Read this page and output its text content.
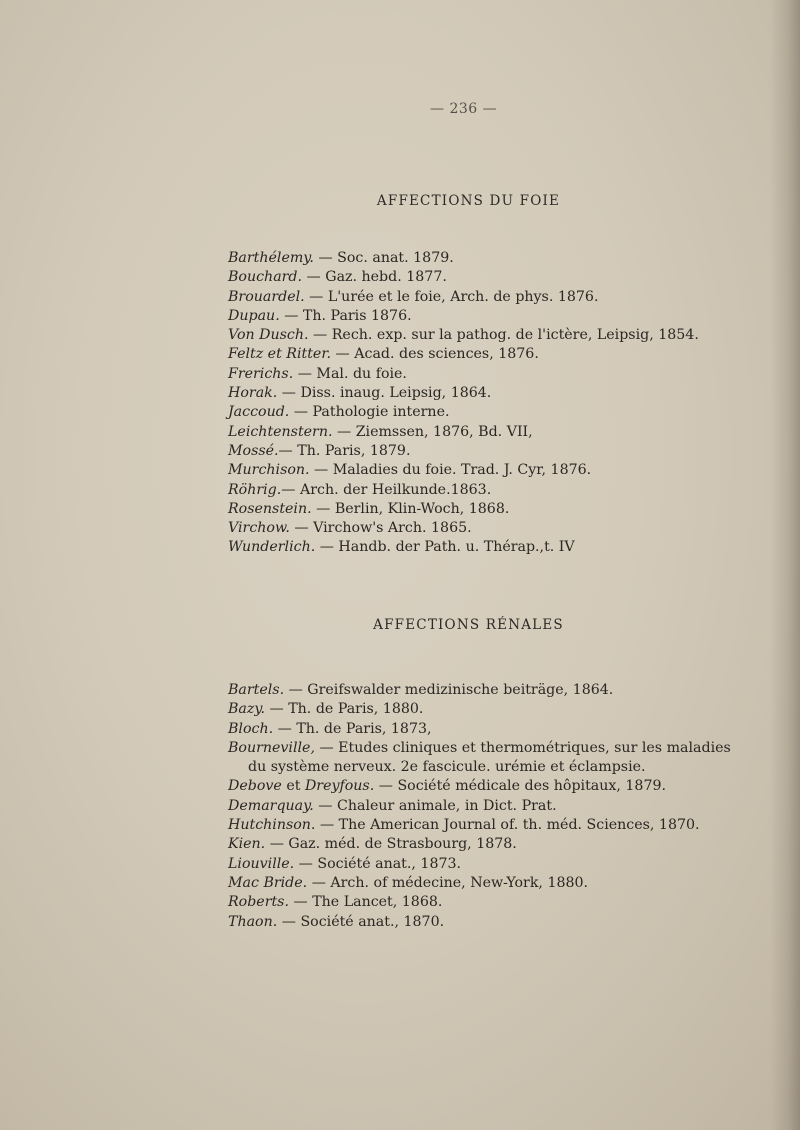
— 236 —
AFFECTIONS DU FOIE
Barthélemy. — Soc. anat. 1879.
Bouchard. — Gaz. hebd. 1877.
Brouardel. — L'urée et le foie, Arch. de phys. 1876.
Dupau. — Th. Paris 1876.
Von Dusch. — Rech. exp. sur la pathog. de l'ictère, Leipsig, 1854.
Feltz et Ritter. — Acad. des sciences, 1876.
Frerichs. — Mal. du foie.
Horak. — Diss. inaug. Leipsig, 1864.
Jaccoud. — Pathologie interne.
Leichtenstern. — Ziemssen, 1876, Bd. VII,
Mossé.— Th. Paris, 1879.
Murchison. — Maladies du foie. Trad. J. Cyr, 1876.
Röhrig.— Arch. der Heilkunde.1863.
Rosenstein. — Berlin, Klin-Woch, 1868.
Virchow. — Virchow's Arch. 1865.
Wunderlich. — Handb. der Path. u. Thérap.,t. IV
AFFECTIONS RÉNALES
Bartels. — Greifswalder medizinische beiträge, 1864.
Bazy. — Th. de Paris, 1880.
Bloch. — Th. de Paris, 1873,
Bourneville, — Etudes cliniques et thermométriques, sur les maladies
du système nerveux. 2e fascicule. urémie et éclampsie.
Debove et Dreyfous. — Société médicale des hôpitaux, 1879.
Demarquay. — Chaleur animale, in Dict. Prat.
Hutchinson. — The American Journal of. th. méd. Sciences, 1870.
Kien. — Gaz. méd. de Strasbourg, 1878.
Liouville. — Société anat., 1873.
Mac Bride. — Arch. of médecine, New-York, 1880.
Roberts. — The Lancet, 1868.
Thaon. — Société anat., 1870.
